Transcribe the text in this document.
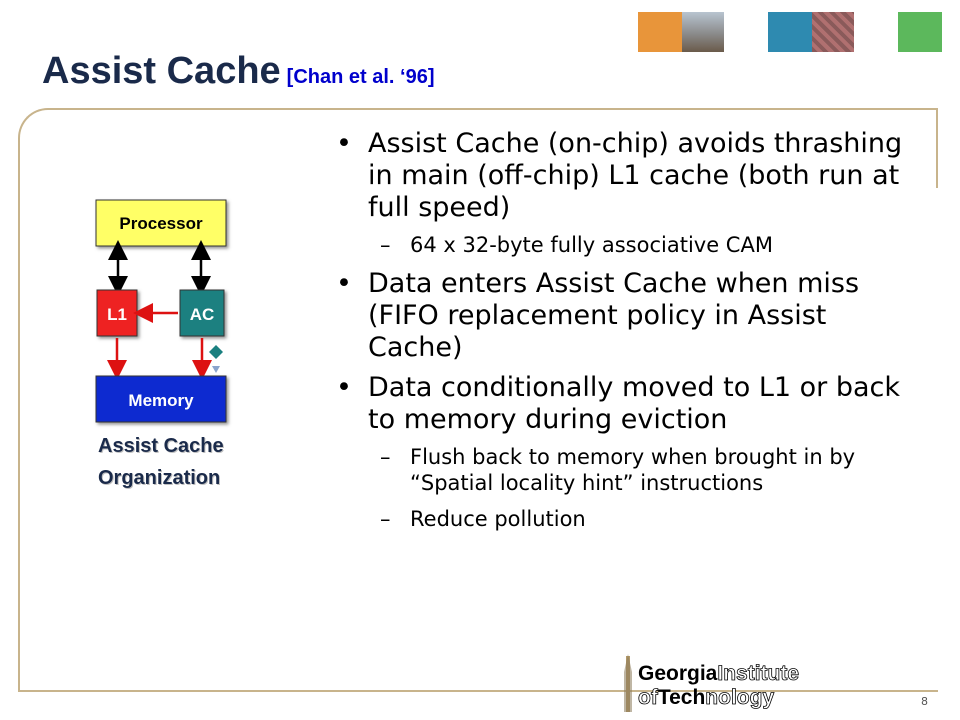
Assist Cache [Chan et al. ‘96]
Processor
L1	AC
Memory

Assist Cache
Organization

• Assist Cache (on-chip) avoids thrashing in main (off-chip) L1 cache (both run at full speed)
– 64 x 32-byte fully associative CAM
• Data enters Assist Cache when miss (FIFO replacement policy in Assist Cache)
• Data conditionally moved to L1 or back to memory during eviction
– Flush back to memory when brought in by “Spatial locality hint” instructions
– Reduce pollution
GeorgiaInstitute
ofTechnology	8
